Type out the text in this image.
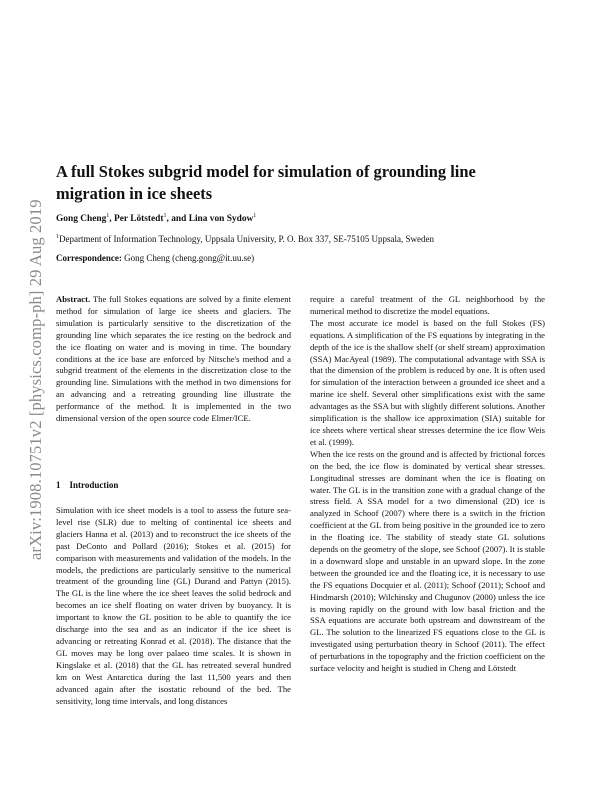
arXiv:1908.10751v2 [physics.comp-ph] 29 Aug 2019
A full Stokes subgrid model for simulation of grounding line migration in ice sheets
Gong Cheng$^1$, Per Lötstedt$^1$, and Lina von Sydow$^1$
$^1$Department of Information Technology, Uppsala University, P. O. Box 337, SE-75105 Uppsala, Sweden
Correspondence: Gong Cheng (cheng.gong@it.uu.se)

Abstract. The full Stokes equations are solved by a finite element method for simulation of large ice sheets and glaciers. The simulation is particularly sensitive to the discretization of the grounding line which separates the ice resting on the bedrock and the ice floating on water and is moving in time. The boundary conditions at the ice base are enforced by Nitsche's method and a subgrid treatment of the elements in the discretization close to the grounding line. Simulations with the method in two dimensions for an advancing and a retreating grounding line illustrate the performance of the method. It is implemented in the two dimensional version of the open source code Elmer/ICE.

1 Introduction

Simulation with ice sheet models is a tool to assess the future sea-level rise (SLR) due to melting of continental ice sheets and glaciers Hanna et al. (2013) and to reconstruct the ice sheets of the past DeConto and Pollard (2016); Stokes et al. (2015) for comparison with measurements and validation of the models. In the models, the predictions are particularly sensitive to the numerical treatment of the grounding line (GL) Durand and Pattyn (2015). The GL is the line where the ice sheet leaves the solid bedrock and becomes an ice shelf floating on water driven by buoyancy. It is important to know the GL position to be able to quantify the ice discharge into the sea and as an indicator if the ice sheet is advancing or retreating Konrad et al. (2018). The distance that the GL moves may be long over palaeo time scales. It is shown in Kingslake et al. (2018) that the GL has retreated several hundred km on West Antarctica during the last 11,500 years and then advanced again after the isostatic rebound of the bed. The sensitivity, long time intervals, and long distances

require a careful treatment of the GL neighborhood by the numerical method to discretize the model equations.

The most accurate ice model is based on the full Stokes (FS) equations. A simplification of the FS equations by integrating in the depth of the ice is the shallow shelf (or shelf stream) approximation (SSA) MacAyeal (1989). The computational advantage with SSA is that the dimension of the problem is reduced by one. It is often used for simulation of the interaction between a grounded ice sheet and a marine ice shelf. Several other simplifications exist with the same advantages as the SSA but with slightly different solutions. Another simplification is the shallow ice approximation (SIA) suitable for ice sheets where vertical shear stresses determine the ice flow Weis et al. (1999).

When the ice rests on the ground and is affected by frictional forces on the bed, the ice flow is dominated by vertical shear stresses. Longitudinal stresses are dominant when the ice is floating on water. The GL is in the transition zone with a gradual change of the stress field. A SSA model for a two dimensional (2D) ice is analyzed in Schoof (2007) where there is a switch in the friction coefficient at the GL from being positive in the grounded ice to zero in the floating ice. The stability of steady state GL solutions depends on the geometry of the slope, see Schoof (2007). It is stable in a downward slope and unstable in an upward slope. In the zone between the grounded ice and the floating ice, it is necessary to use the FS equations Docquier et al. (2011); Schoof (2011); Schoof and Hindmarsh (2010); Wilchinsky and Chugunov (2000) unless the ice is moving rapidly on the ground with low basal friction and the SSA equations are accurate both upstream and downstream of the GL. The solution to the linearized FS equations close to the GL is investigated using perturbation theory in Schoof (2011). The effect of perturbations in the topography and the friction coefficient on the surface velocity and height is studied in Cheng and Lötstedt
